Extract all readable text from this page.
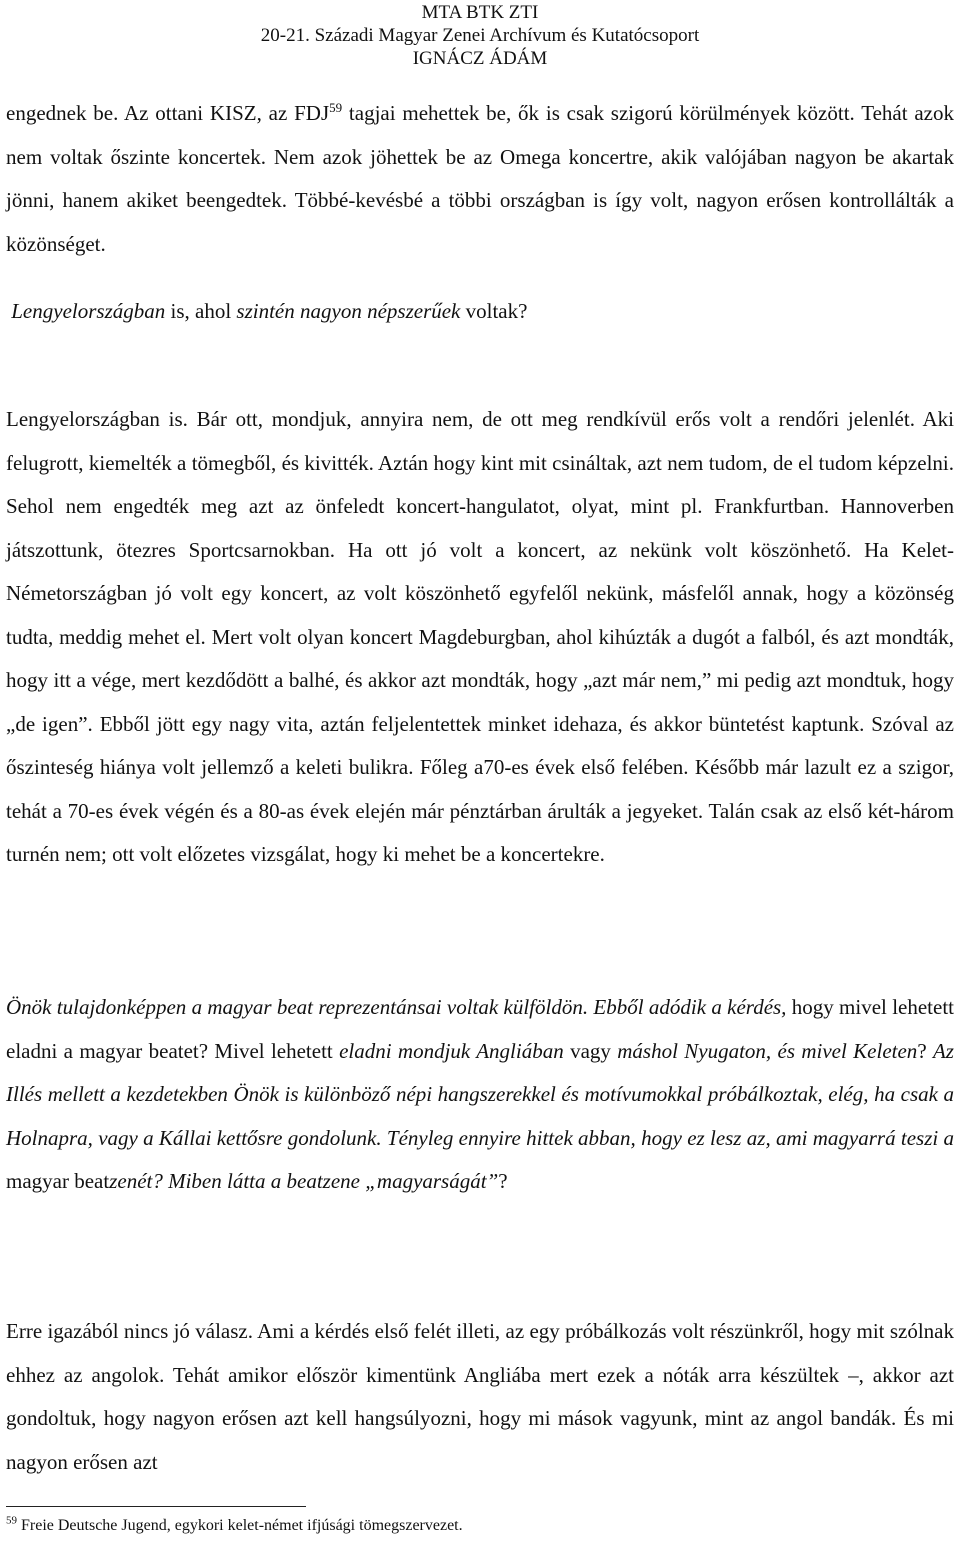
MTA BTK ZTI
20-21. Századi Magyar Zenei Archívum és Kutatócsoport
IGNÁCZ ÁDÁM

engednek be. Az ottani KISZ, az FDJ$^{59}$ tagjai mehettek be, ők is csak szigorú körülmények között. Tehát azok nem voltak őszinte koncertek. Nem azok jöhettek be az Omega koncertre, akik valójában nagyon be akartak jönni, hanem akiket beengedtek. Többé-kevésbé a többi országban is így volt, nagyon erősen kontrollálták a közönséget.

Lengyelországban is, ahol szintén nagyon népszerűek voltak?

Lengyelországban is. Bár ott, mondjuk, annyira nem, de ott meg rendkívül erős volt a rendőri jelenlét. Aki felugrott, kiemelték a tömegből, és kivitték. Aztán hogy kint mit csináltak, azt nem tudom, de el tudom képzelni. Sehol nem engedték meg azt az önfeledt koncert-hangulatot, olyat, mint pl. Frankfurtban. Hannoverben játszottunk, ötezres Sportcsarnokban. Ha ott jó volt a koncert, az nekünk volt köszönhető. Ha Kelet-Németországban jó volt egy koncert, az volt köszönhető egyfelől nekünk, másfelől annak, hogy a közönség tudta, meddig mehet el. Mert volt olyan koncert Magdeburgban, ahol kihúzták a dugót a falból, és azt mondták, hogy itt a vége, mert kezdődött a balhé, és akkor azt mondták, hogy „azt már nem,” mi pedig azt mondtuk, hogy „de igen”. Ebből jött egy nagy vita, aztán feljelentettek minket idehaza, és akkor büntetést kaptunk. Szóval az őszinteség hiánya volt jellemző a keleti bulikra. Főleg a70-es évek első felében. Később már lazult ez a szigor, tehát a 70-es évek végén és a 80-as évek elején már pénztárban árulták a jegyeket. Talán csak az első két-három turnén nem; ott volt előzetes vizsgálat, hogy ki mehet be a koncertekre.

Önök tulajdonképpen a magyar beat reprezentánsai voltak külföldön. Ebből adódik a kérdés, hogy mivel lehetett eladni a magyar beatet? Mivel lehetett eladni mondjuk Angliában vagy máshol Nyugaton, és mivel Keleten? Az Illés mellett a kezdetekben Önök is különböző népi hangszerekkel és motívumokkal próbálkoztak, elég, ha csak a Holnapra, vagy a Kállai kettősre gondolunk. Tényleg ennyire hittek abban, hogy ez lesz az, ami magyarrá teszi a magyar beatzenét? Miben látta a beatzene „magyarságát”?

Erre igazából nincs jó válasz. Ami a kérdés első felét illeti, az egy próbálkozás volt részünkről, hogy mit szólnak ehhez az angolok. Tehát amikor először kimentünk Angliába mert ezek a nóták arra készültek –, akkor azt gondoltuk, hogy nagyon erősen azt kell hangsúlyozni, hogy mi mások vagyunk, mint az angol bandák. És mi nagyon erősen azt

$^{59}$ Freie Deutsche Jugend, egykori kelet-német ifjúsági tömegszervezet.
